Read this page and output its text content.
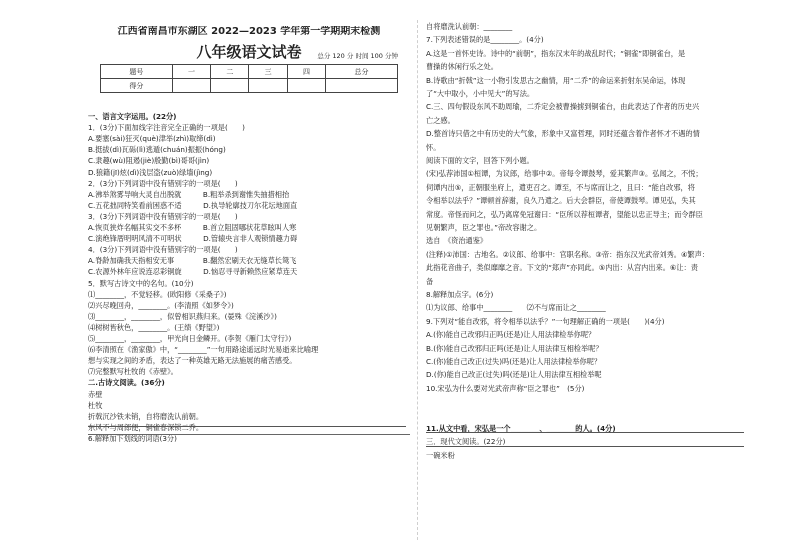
江西省南昌市东湖区 2022—2023 学年第一学期期末检测
八年级语文试卷 总分 120 分 时间 100 分钟
题号	一	二	三	四	总分
得分					
一、语言文字运用。(22分)
1．(3分)下面加线字注音完全正确的一项是(　　)
A.要塞(sài)狂灭(què)津举(zhì)取缔(dì)
B.挺拔(dì)瓦砾(lì)逃遁(chuán)振振(hóng)
C.隶趣(wù)阻遏(jiè)殷勤(bì)哥哥(jìn)
D.狼籍(jī)炫(dì)浅层盗(zuò)绿墙(jìng)
2．(3分)下列词语中没有错别字的一项是(　　)
A.沸举煞雾导响大灵自出脱就　　　B.粗举杀到谢惟失抽措相抬
C.五花拙同特笑看前困惑不适　　　D.执导轮廓技刀尔花坛地面直
3．(3分)下列词语中没有错别字的一项是(　　)
A.恢页狭炸名幅其实交不多杯　　　B.首立阻固哪状花草眩叫人寒
C.演绝锋厝明明风清不可明状　　　D.管辕央言非人观锁情趣力碍
4．(3分)下列词语中没有错别字的一项是(　　)
A.脊龄加确我天指相安无事　　　　B.翻然宏刷天衣无缝草长鸳飞
C.农源外林年应说连忍彩铜旋　　　D.恼忍寻寻新赖然应紧草连天
5．默写古诗文中的名句。(10分)
⑴________，不觉轻移。(欧阳修《采桑子》)
⑵兴尽晚回舟，________。(李清照《如梦令》)
⑶________，________，似曾相识燕归来。(晏殊《浣溪沙》)
⑷树树皆秋色，________。(王绩《野望》)
⑸________，________，甲光向日金鳞开。(李贺《雁门太守行》)
⑹李清照在《渔家傲》中，“________”一句用路途遥远时光易逝来比喻理
想与实现之间的矛盾，表达了一种英雄无路无法施展的痛苦感受。
⑺完整默写杜牧的《赤壁》。
二.古诗文阅读。(36分)
赤壁
杜牧
折戟沉沙铁未销，自将磨洗认前朝。
东风不与周郎便，铜雀春深锁二乔。
6.解释加下划线的词语(3分)
自将磨洗认前朝：________
7.下列表述错误的是________。(4分)
A.这是一首怀史诗。诗中的“前朝”，指东汉末年的战乱时代；“铜雀”即铜雀台，是
曹操的休闲行乐之处。
B.诗歌由“折戟”这一小物引发思古之幽情，用“二乔”的命运来折射东吴命运，体现
了“大中取小，小中见大”的写法。
C.三、四句假设东风不助周瑜，二乔定会被曹操掳到铜雀台，由此表达了作者的历史兴
亡之感。
D.整首诗只借之中有历史的大气象，形象中又富哲理，同时还蕴含着作者怀才不遇的情
怀。
阅读下面的文字，回答下列小题。
(宋)弘荐沛国①桓谭，为议郎，给事中②。帝每令谭鼓琴，爱其繁声③。弘闻之，不悦；
伺谭内出⑤，正朝服坐府上，遣吏召之。谭至，不与席而让之，且曰：“能自改邪，将
令相举以法乎？”谭顿首辞谢，良久乃遣之。后大会群臣，帝使谭鼓琴。谭见弘，失其
常度。帝怪而问之，弘乃离席免冠谢曰：“臣所以荐桓谭者，望能以忠正导主；而令群臣
见朝繁声，臣之罪也。”帝改容谢之。
选自　《资治通鉴》
(注释)①沛国：古地名。②议郎、给事中：官职名称。③帝：指东汉光武帝刘秀。④繁声：
此指花音曲子，类似靡靡之音。下文的“郑声”亦同此。⑤内出：从宫内出来。⑥让：责
备
8.解释加点字。(6分)
⑴为议郎、给事中________　　⑵不与席而让之________
9.下列对“能自改邪，将令相举以法乎？”一句理解正确的一项是(　　)(4分)
A.(你)能自己改邪归正吗(还是)让人用法律检举你呢？
B.(你)能自己改邪归正吗(还是)让人用法律互相检举呢？
C.(你)能自己改正(过失)吗(还是)让人用法律检举你呢？
D.(你)能自己改正(过失)吗(还是)让人用法律互相检举呢
10.宋弘为什么要对光武帝声称“臣之罪也”　(5分)
11.从文中看，宋弘是一个________、________的人。(4分)
三．现代文阅读。(22分)
一碗米粉
